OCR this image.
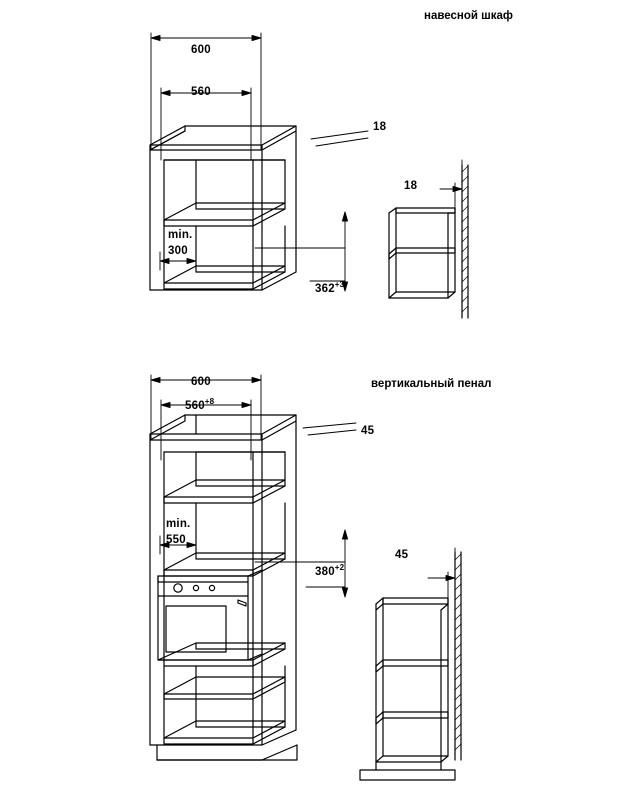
навесной шкаф
вертикальный пенал
600
560
18
min.
300
$362^{+3}$
18
600
$560^{+8}$
45
min.
550
$380^{+2}$
45
